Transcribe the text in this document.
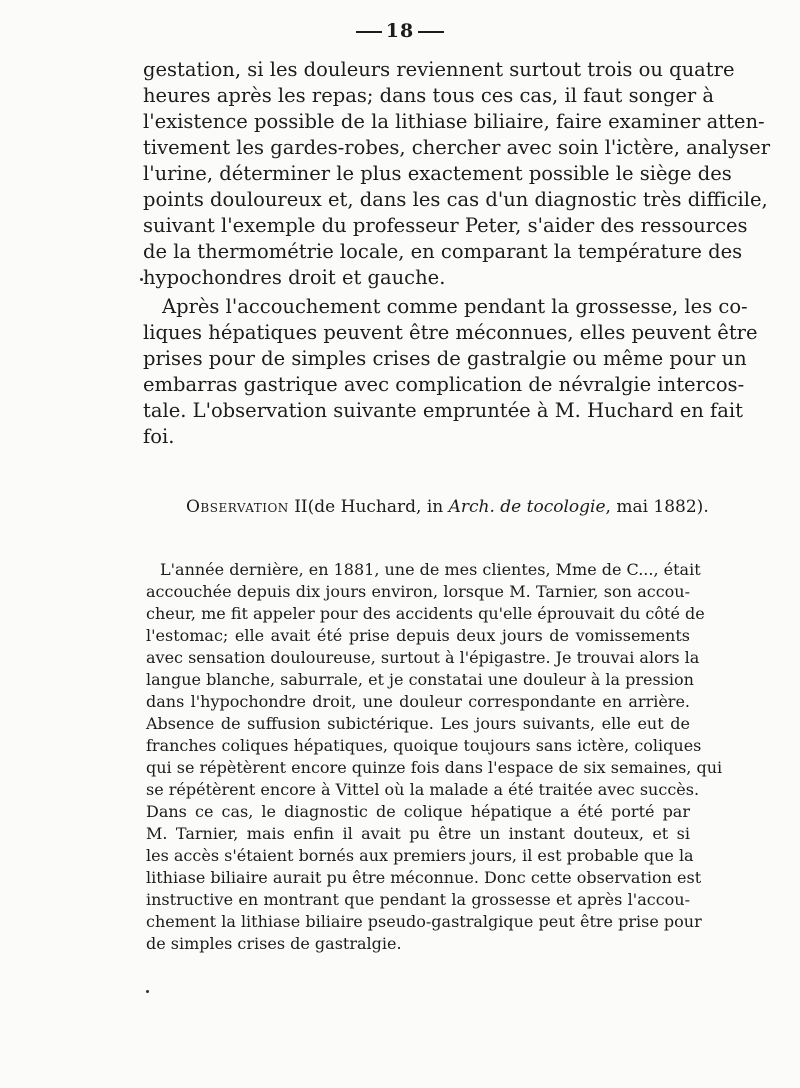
18
gestation, si les douleurs reviennent surtout trois ou quatre
heures après les repas; dans tous ces cas, il faut songer à
l'existence possible de la lithiase biliaire, faire examiner atten-
tivement les gardes-robes, chercher avec soin l'ictère, analyser
l'urine, déterminer le plus exactement possible le siège des
points douloureux et, dans les cas d'un diagnostic très difficile,
suivant l'exemple du professeur Peter, s'aider des ressources
de la thermométrie locale, en comparant la température des
hypochondres droit et gauche.
Après l'accouchement comme pendant la grossesse, les co-
liques hépatiques peuvent être méconnues, elles peuvent être
prises pour de simples crises de gastralgie ou même pour un
embarras gastrique avec complication de névralgie intercos-
tale. L'observation suivante empruntée à M. Huchard en fait
foi.
Observation II(de Huchard, in Arch. de tocologie, mai 1882).
L'année dernière, en 1881, une de mes clientes, Mme de C..., était
accouchée depuis dix jours environ, lorsque M. Tarnier, son accou-
cheur, me fit appeler pour des accidents qu'elle éprouvait du côté de
l'estomac; elle avait été prise depuis deux jours de vomissements
avec sensation douloureuse, surtout à l'épigastre. Je trouvai alors la
langue blanche, saburrale, et je constatai une douleur à la pression
dans l'hypochondre droit, une douleur correspondante en arrière.
Absence de suffusion subictérique. Les jours suivants, elle eut de
franches coliques hépatiques, quoique toujours sans ictère, coliques
qui se répètèrent encore quinze fois dans l'espace de six semaines, qui
se répétèrent encore à Vittel où la malade a été traitée avec succès.
Dans ce cas, le diagnostic de colique hépatique a été porté par
M. Tarnier, mais enfin il avait pu être un instant douteux, et si
les accès s'étaient bornés aux premiers jours, il est probable que la
lithiase biliaire aurait pu être méconnue. Donc cette observation est
instructive en montrant que pendant la grossesse et après l'accou-
chement la lithiase biliaire pseudo-gastralgique peut être prise pour
de simples crises de gastralgie.
